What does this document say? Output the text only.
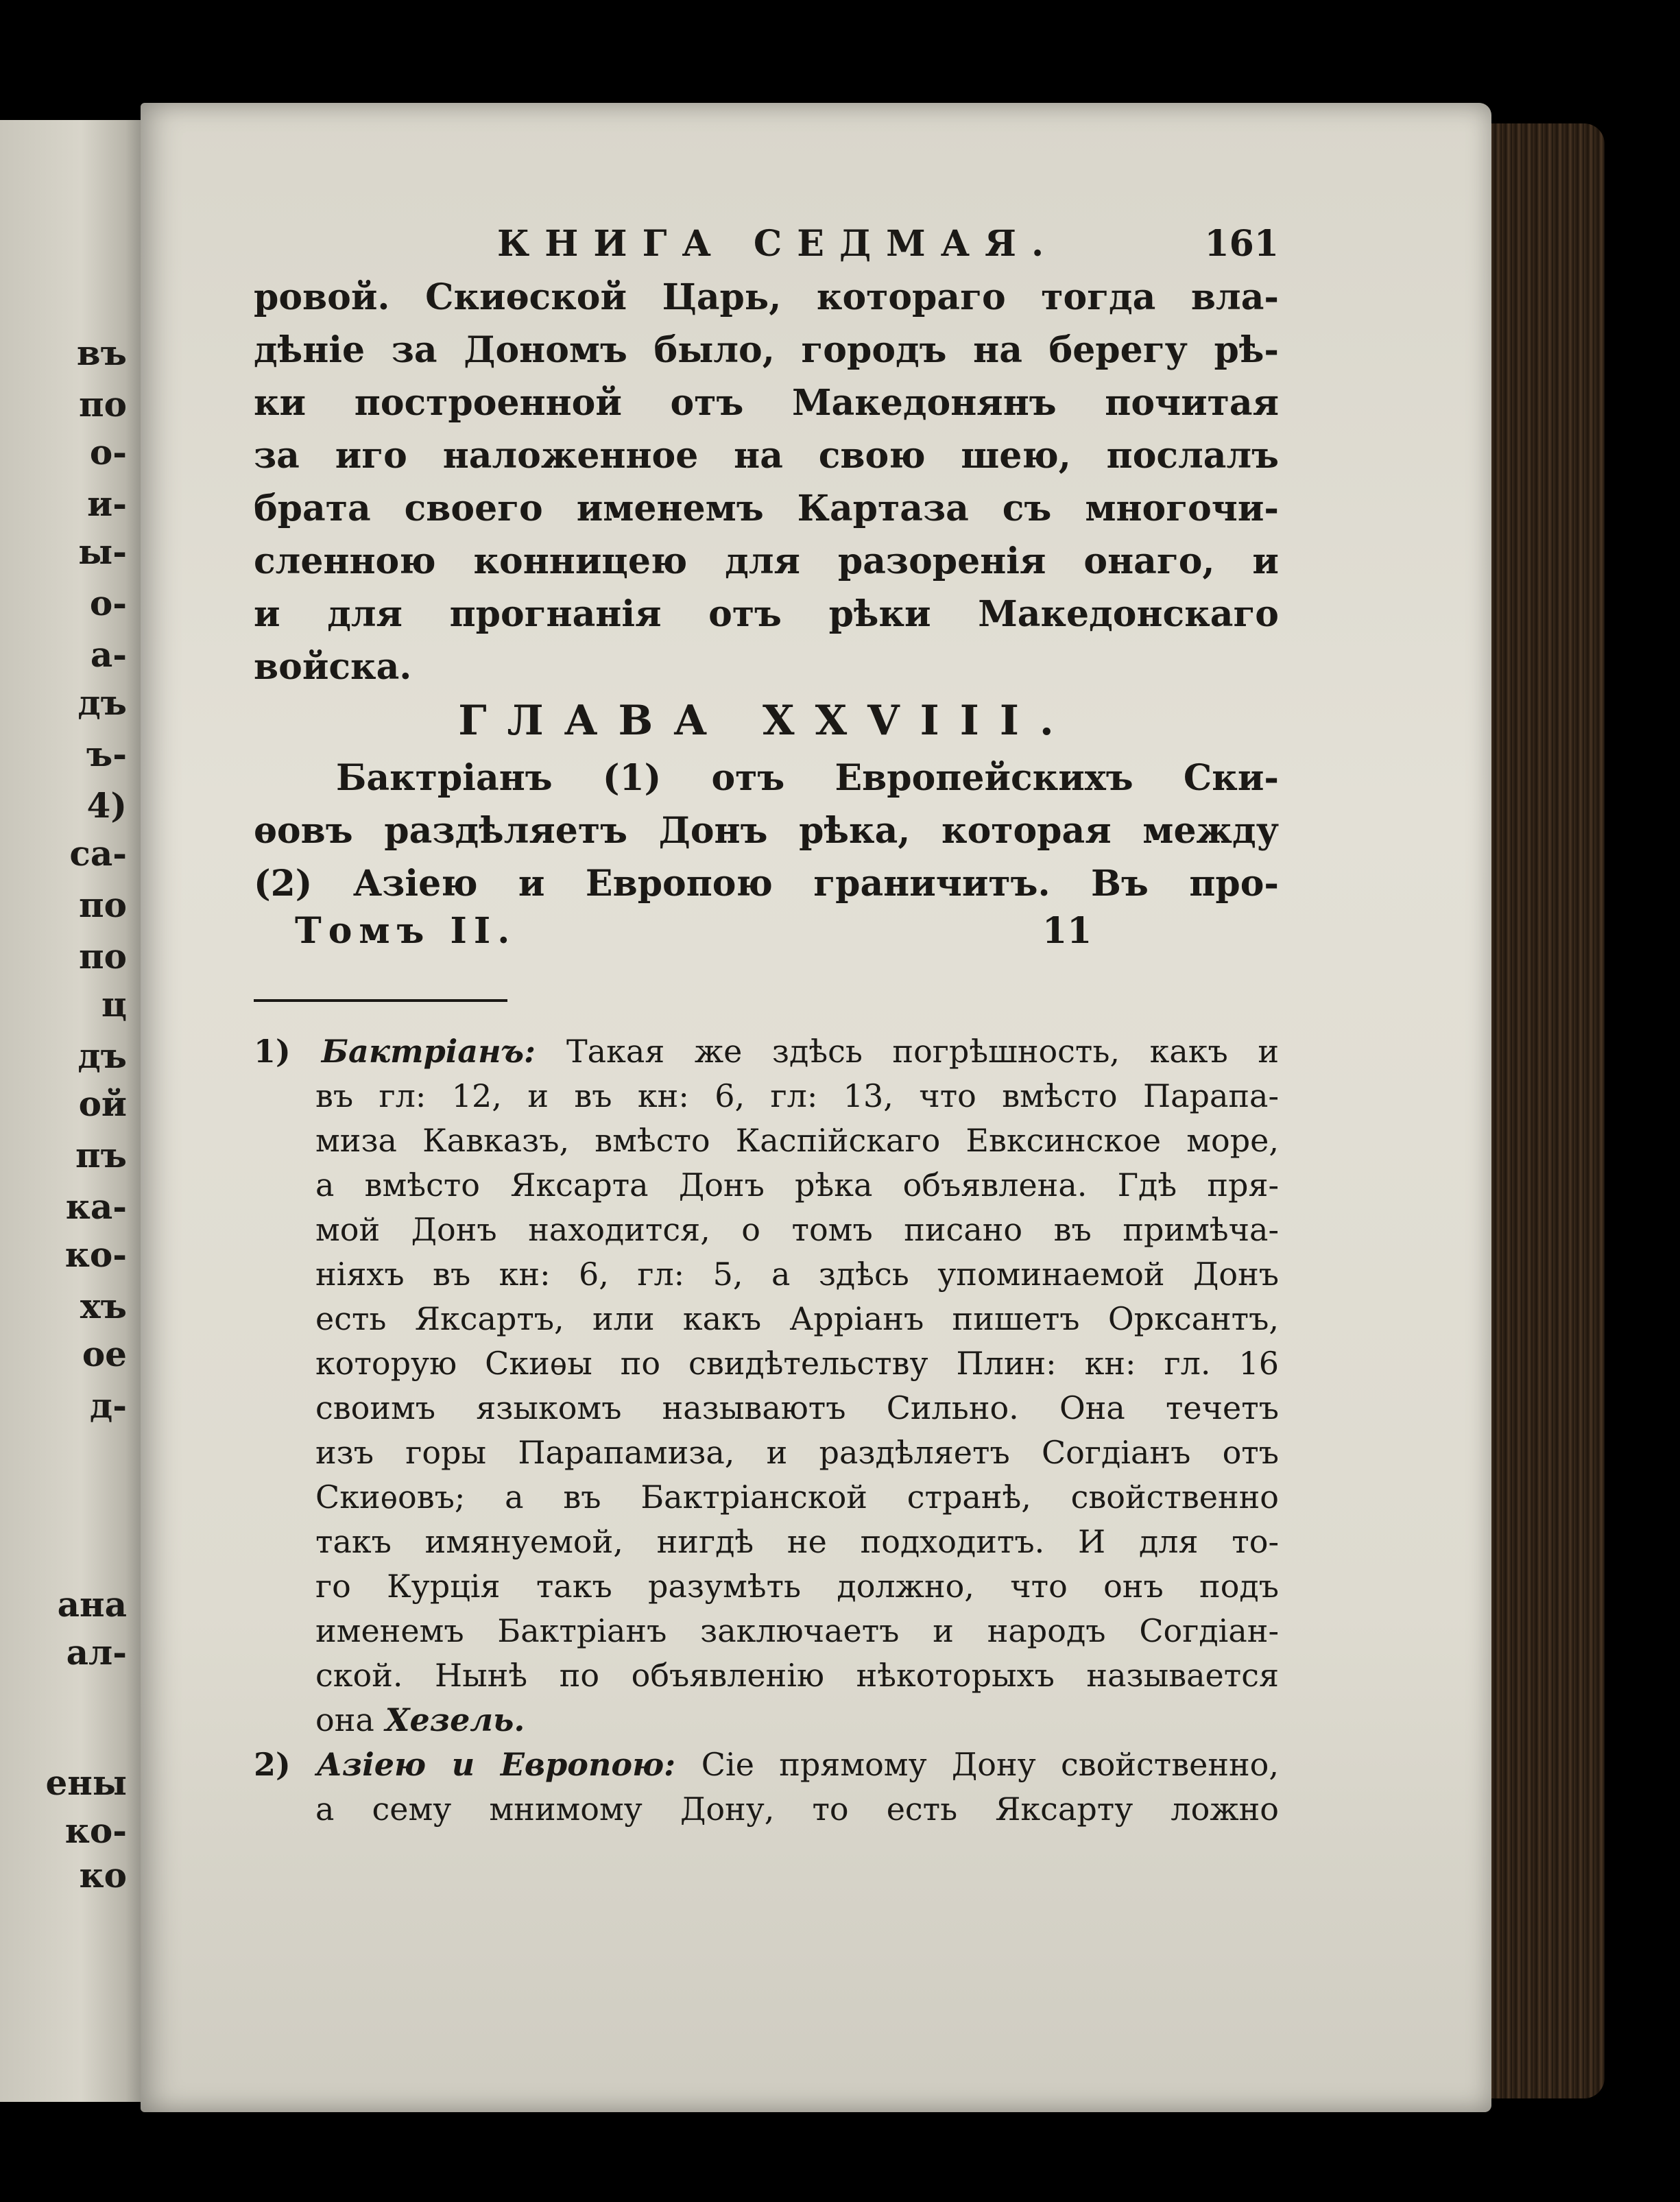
въ
по
о-
и-
ы-
о-
а-
дъ
ъ-
4)
са-
по
по
ц
дъ
ой
пъ
ка-
ко-
хъ
ое
д-
ана
ал-
ены
ко-
ко
КНИГА СЕДМАЯ.	161
ровой. Скиѳской Царь, котораго тогда вла-
дѣніе за Дономъ было, городъ на берегу рѣ-
ки построенной отъ Македонянъ почитая
за иго наложенное на свою шею, послалъ
брата своего именемъ Картаза съ многочи-
сленною конницею для разоренія онаго, и
и для прогнанія отъ рѣки Македонскаго
войска.
ГЛАВА XXVIII.
Бактріанъ (1) отъ Европейскихъ Ски-
ѳовъ раздѣляетъ Донъ рѣка, которая между
(2) Азіею и Европою граничитъ. Въ про-
Томъ II.	11
1) Бактріанъ: Такая же здѣсь погрѣшность, какъ и
въ гл: 12, и въ кн: 6, гл: 13, что вмѣсто Парапа-
миза Кавказъ, вмѣсто Каспійскаго Евксинское море,
а вмѣсто Яксарта Донъ рѣка объявлена. Гдѣ пря-
мой Донъ находится, о томъ писано въ примѣча-
ніяхъ въ кн: 6, гл: 5, а здѣсь упоминаемой Донъ
есть Яксартъ, или какъ Арріанъ пишетъ Орксантъ,
которую Скиѳы по свидѣтельству Плин: кн: гл. 16
своимъ языкомъ называютъ Сильно. Она течетъ
изъ горы Парапамиза, и раздѣляетъ Согдіанъ отъ
Скиѳовъ; а въ Бактріанской странѣ, свойственно
такъ имянуемой, нигдѣ не подходитъ. И для то-
го Курція такъ разумѣть должно, что онъ подъ
именемъ Бактріанъ заключаетъ и народъ Согдіан-
ской. Нынѣ по объявленію нѣкоторыхъ называется
она Хезель.
2) Азіею и Европою: Сіе прямому Дону свойственно,
а сему мнимому Дону, то есть Яксарту ложно
